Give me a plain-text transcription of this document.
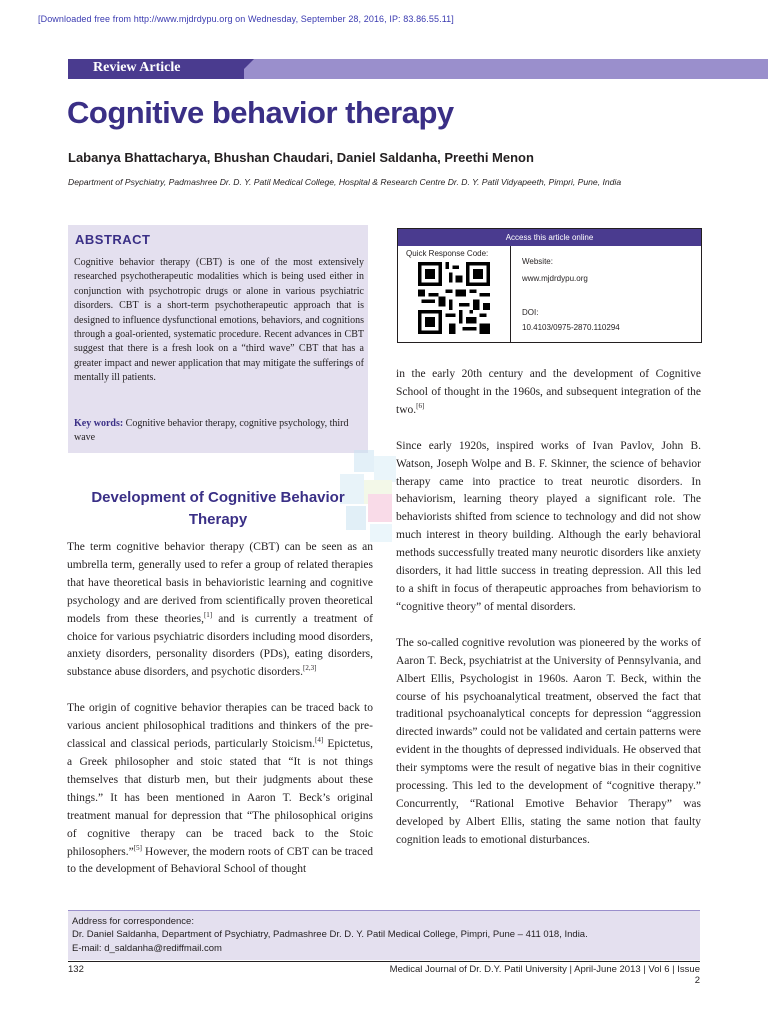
[Downloaded free from http://www.mjdrdypu.org on Wednesday, September 28, 2016, IP: 83.86.55.11]
Review Article
Cognitive behavior therapy
Labanya Bhattacharya, Bhushan Chaudari, Daniel Saldanha, Preethi Menon
Department of Psychiatry, Padmashree Dr. D. Y. Patil Medical College, Hospital & Research Centre Dr. D. Y. Patil Vidyapeeth, Pimpri, Pune, India
ABSTRACT
Cognitive behavior therapy (CBT) is one of the most extensively researched psychotherapeutic modalities which is being used either in conjunction with psychotropic drugs or alone in various psychiatric disorders. CBT is a short-term psychotherapeutic approach that is designed to influence dysfunctional emotions, behaviors, and cognitions through a goal-oriented, systematic procedure. Recent advances in CBT suggest that there is a fresh look on a “third wave” CBT that has a greater impact and newer application that may mitigate the sufferings of mentally ill patients.
Key words: Cognitive behavior therapy, cognitive psychology, third wave
Access this article online
Quick Response Code:
Website:
www.mjdrdypu.org
DOI:
10.4103/0975-2870.110294
Development of Cognitive Behavior Therapy

The term cognitive behavior therapy (CBT) can be seen as an umbrella term, generally used to refer a group of related therapies that have theoretical basis in behavioristic learning and cognitive psychology and are derived from scientifically proven theoretical models from these theories,[1] and is currently a treatment of choice for various psychiatric disorders including mood disorders, anxiety disorders, personality disorders (PDs), eating disorders, substance abuse disorders, and psychotic disorders.[2,3]

The origin of cognitive behavior therapies can be traced back to various ancient philosophical traditions and thinkers of the pre-classical and classical periods, particularly Stoicism.[4] Epictetus, a Greek philosopher and stoic stated that “It is not things themselves that disturb men, but their judgments about these things.” It has been mentioned in Aaron T. Beck’s original treatment manual for depression that “The philosophical origins of cognitive therapy can be traced back to the Stoic philosophers.”[5] However, the modern roots of CBT can be traced to the development of Behavioral School of thought

in the early 20th century and the development of Cognitive School of thought in the 1960s, and subsequent integration of the two.[6]

Since early 1920s, inspired works of Ivan Pavlov, John B. Watson, Joseph Wolpe and B. F. Skinner, the science of behavior therapy came into practice to treat neurotic disorders. In behaviorism, learning theory played a significant role. The behaviorists shifted from science to technology and did not show much interest in theory building. Although the early behavioral methods successfully treated many neurotic disorders like anxiety disorders, it had little success in treating depression. All this led to a shift in focus of therapeutic approaches from behaviorism to “cognitive theory” of mental disorders.

The so-called cognitive revolution was pioneered by the works of Aaron T. Beck, psychiatrist at the University of Pennsylvania, and Albert Ellis, Psychologist in 1960s. Aaron T. Beck, within the course of his psychoanalytical treatment, observed the fact that traditional psychoanalytical concepts for depression “aggression directed inwards” could not be validated and certain patterns were evident in the thoughts of depressed individuals. He observed that their symptoms were the result of negative bias in their cognitive processing. This led to the development of “cognitive therapy.” Concurrently, “Rational Emotive Behavior Therapy” was developed by Albert Ellis, stating the same notion that faulty cognition leads to emotional disturbances.

Address for correspondence:
Dr. Daniel Saldanha, Department of Psychiatry, Padmashree Dr. D. Y. Patil Medical College, Pimpri, Pune – 411 018, India.
E-mail: d_saldanha@rediffmail.com
132	Medical Journal of Dr. D.Y. Patil University | April-June 2013 | Vol 6 | Issue 2
